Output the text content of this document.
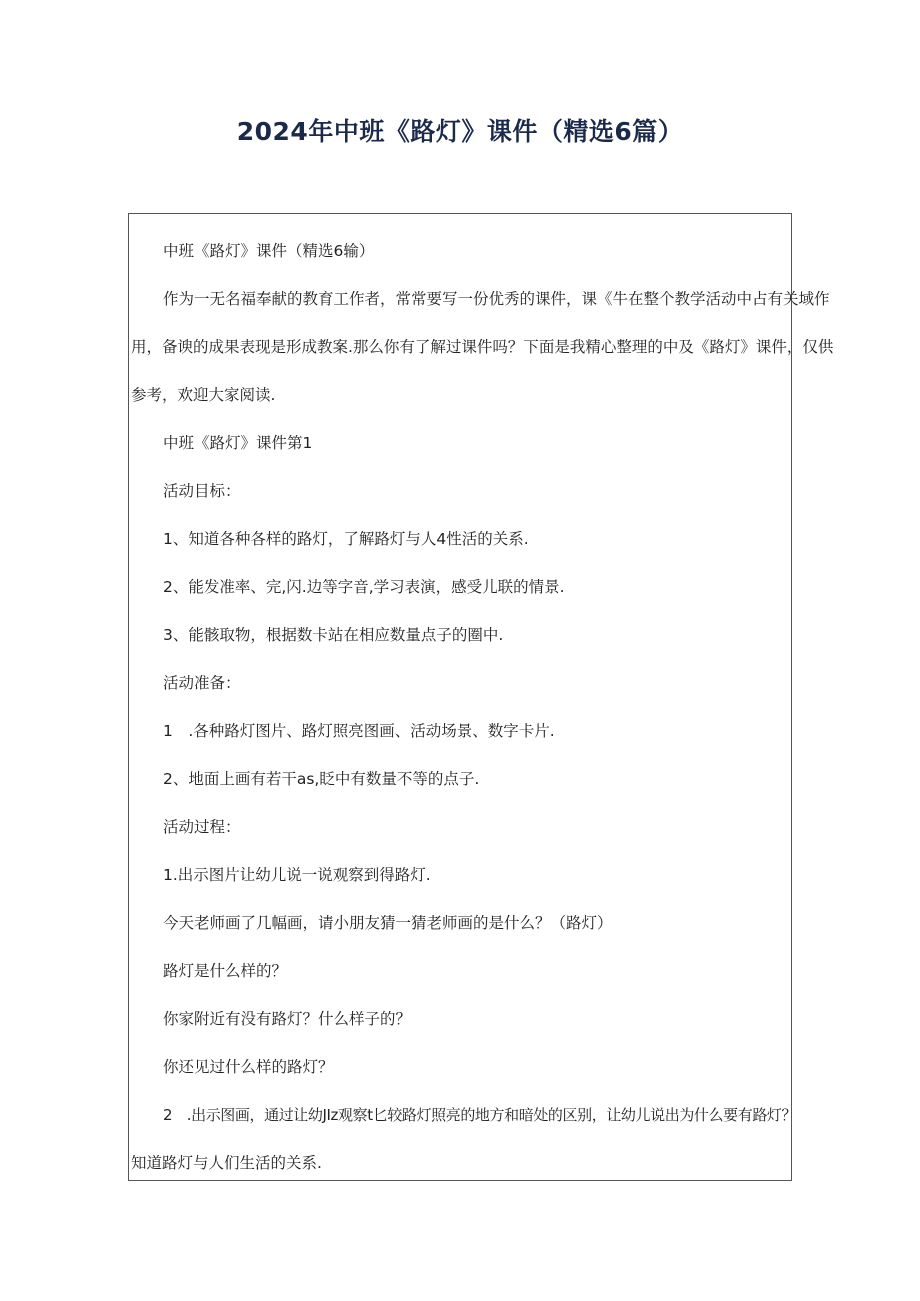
2024年中班《路灯》课件（精选6篇）
中班《路灯》课件（精选6输）
作为一无名福奉献的教育工作者，常常要写一份优秀的课件，课《牛在整个教学活动中占有关域作
用，备谀的成果表现是形成教案.那么你有了解过课件吗？下面是我精心整理的中及《路灯》课件，仅供
参考，欢迎大家阅读.
中班《路灯》课件第1
活动目标：
1、知道各种各样的路灯，了解路灯与人4性活的关系.
2、能发准率、完,闪.边等字音,学习表演，感受儿联的情景.
3、能骸取物，根据数卡站在相应数量点子的圈中.
活动准备：
1　.各种路灯图片、路灯照亮图画、活动场景、数字卡片.
2、地面上画有若干as,眨中有数量不等的点子.
活动过程：
1.出示图片让幼儿说一说观察到得路灯.
今天老师画了几幅画，请小朋友猜一猜老师画的是什么？（路灯）
路灯是什么样的？
你家附近有没有路灯？什么样子的？
你还见过什么样的路灯？
2　.出示图画，通过让幼JIz观察t匕较路灯照亮的地方和暗处的区别，让幼儿说出为什么要有路灯？
知道路灯与人们生活的关系.
